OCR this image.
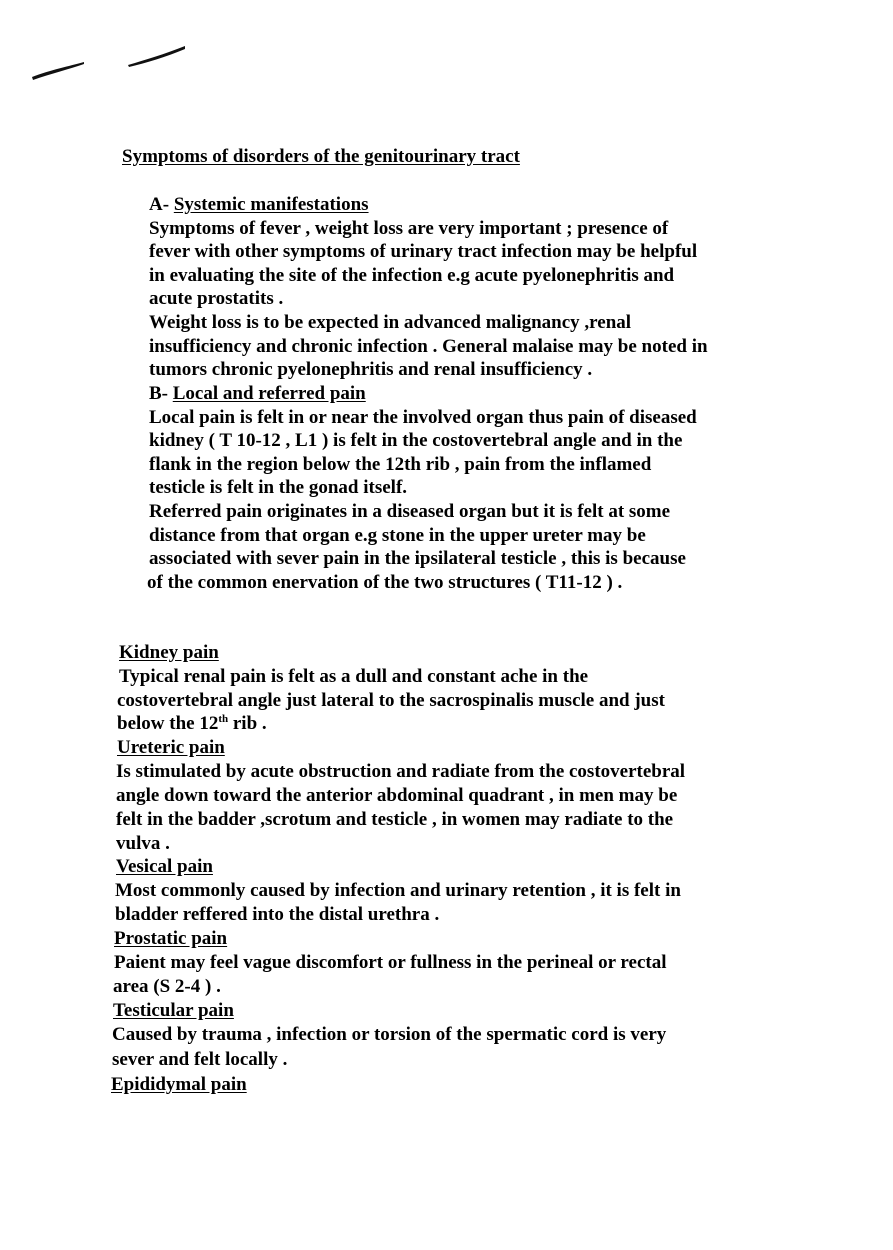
Symptoms of disorders of the genitourinary tract
A- Systemic manifestations
Symptoms of fever , weight loss are very important ; presence of
fever with other symptoms of urinary tract infection may be helpful
in evaluating the site of the infection e.g acute pyelonephritis and
acute prostatits .
Weight loss is to be expected in advanced malignancy ,renal
insufficiency and chronic infection . General malaise may be noted in
tumors chronic pyelonephritis and renal insufficiency .
B- Local and referred pain
Local pain is felt in or near the involved organ thus pain of diseased
kidney ( T 10-12 , L1 ) is felt in the costovertebral angle and in the
flank in the region below the 12th rib , pain from the inflamed
testicle is felt in the gonad itself.
Referred pain originates in a diseased organ but it is felt at some
distance from that organ e.g stone in the upper ureter may be
associated with sever pain in the ipsilateral testicle , this is because
of the common enervation of the two structures ( T11-12 ) .
Kidney pain
Typical renal pain is felt as a dull and constant ache in the
costovertebral angle just lateral to the sacrospinalis muscle and just
below the 12th rib .
Ureteric pain
Is stimulated by acute obstruction and radiate from the costovertebral
angle down toward the anterior abdominal quadrant , in men may be
felt in the badder ,scrotum and testicle , in women may radiate to the
vulva .
Vesical pain
Most commonly caused by infection and urinary retention , it is felt in
bladder reffered into the distal urethra .
Prostatic pain
Paient may feel vague discomfort or fullness in the perineal or rectal
area (S 2-4 ) .
Testicular pain
Caused by trauma , infection or torsion of the spermatic cord is very
sever and felt locally .
Epididymal pain
